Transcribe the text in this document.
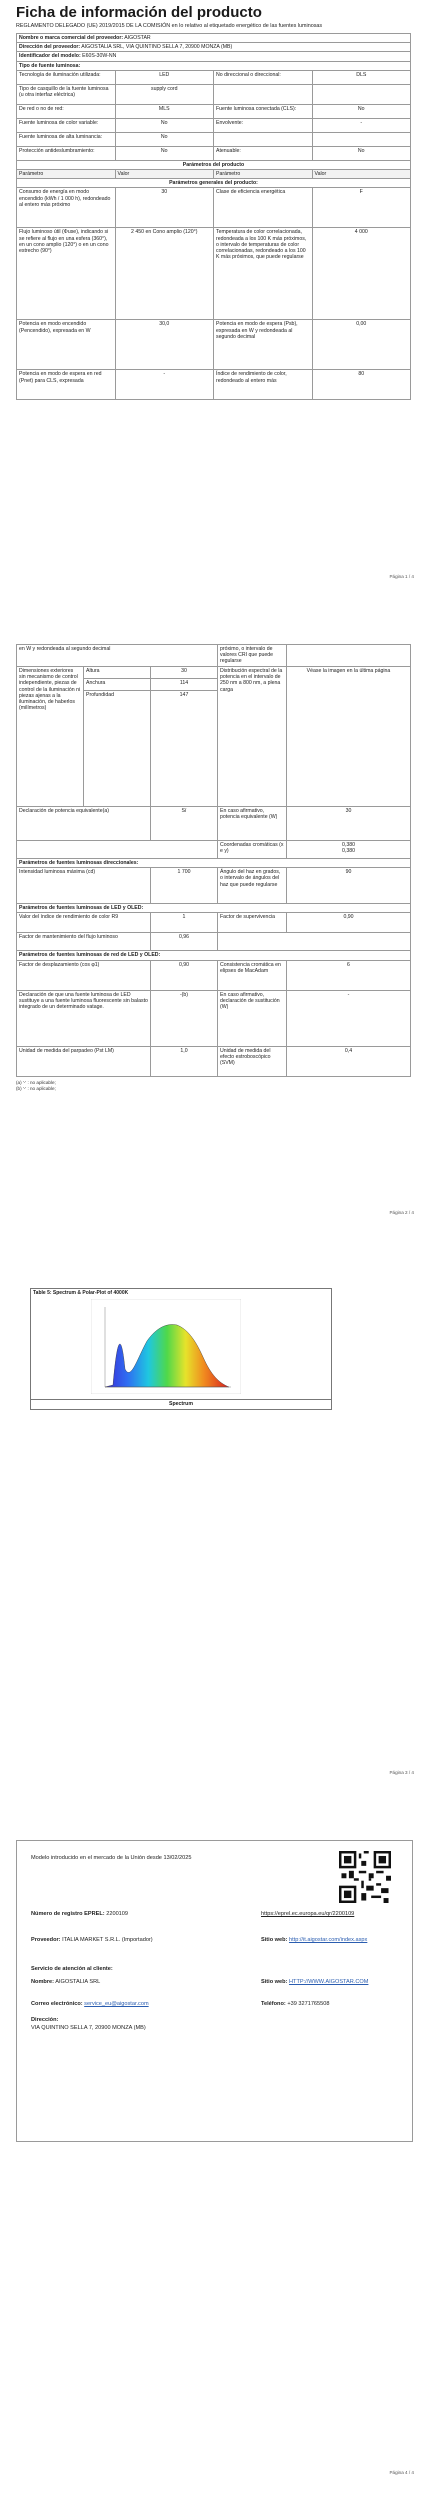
Ficha de información del producto
REGLAMENTO DELEGADO (UE) 2019/2015 DE LA COMISIÓN en lo relativo al etiquetado energético de las fuentes luminosas
Nombre o marca comercial del proveedor: AIGOSTAR			
Dirección del proveedor: AIGOSTALIA SRL, VIA QUINTINO SELLA 7, 20900 MONZA (MB)			
Identificador del modelo: E60S-30W-NN			
Tipo de fuente luminosa:			
Tecnología de iluminación utilizada:	LED	No direccional o direccional:	DLS
Tipo de casquillo de la fuente luminosa (u otra interfaz eléctrica)	supply cord		
De red o no de red:	MLS	Fuente luminosa conectada (CLS):	No
Fuente luminosa de color variable:	No	Envolvente:	-
Fuente luminosa de alta luminancia:	No		
Protección antideslumbramiento:	No	Atenuable:	No
Parámetros del producto			
Parámetro	Valor	Parámetro	Valor
Parámetros generales del producto:			
Consumo de energía en modo encendido (kWh / 1 000 h), redondeado al entero más próximo	30	Clase de eficiencia energética	F
Flujo luminoso útil (Φuse), indicando si se refiere al flujo en una esfera (360°), en un cono amplio (120°) o en un cono estrecho (90°)	2 450 en Cono amplio (120°)	Temperatura de color correlacionada, redondeada a los 100 K más próximos, o intervalo de temperaturas de color correlacionadas, redondeado a los 100 K más próximos, que puede regularse	4 000
Potencia en modo encendido (Pencendido), expresada en W	30,0	Potencia en modo de espera (Psb), expresada en W y redondeada al segundo decimal	0,00
Potencia en modo de espera en red (Pnet) para CLS, expresada	-	Índice de rendimiento de color, redondeado al entero más	80
Página 1 / 4
en W y redondeada al segundo decimal			próximo, o intervalo de valores CRI que puede regularse	
Dimensiones exteriores sin mecanismo de control independiente, piezas de control de la iluminación ni piezas ajenas a la iluminación, de haberlos (milímetros)	Altura	30	Distribución espectral de la potencia en el intervalo de 250 nm a 800 nm, a plena carga	Véase la imagen en la última página
	Anchura	114		
	Profundidad	147		
Declaración de potencia equivalente(a)		Sí	En caso afirmativo, potencia equivalente (W)	30
			Coordenadas cromáticas (x e y)	0,380
0,380
Parámetros de fuentes luminosas direccionales:				
Intensidad luminosa máxima (cd)		1 700	Ángulo del haz en grados, o intervalo de ángulos del haz que puede regularse	90
Parámetros de fuentes luminosas de LED y OLED:				
Valor del índice de rendimiento de color R9		1	Factor de supervivencia	0,90
Factor de mantenimiento del flujo luminoso		0,96		
Parámetros de fuentes luminosas de red de LED y OLED:				
Factor de desplazamiento (cos φ1)		0,90	Consistencia cromática en elipses de MacAdam	6
Declaración de que una fuente luminosa de LED sustituye a una fuente luminosa fluorescente sin balasto integrado de un determinado vatage.		-(b)	En caso afirmativo, declaración de sustitución (W)	-
Unidad de medida del parpadeo (Pst LM)		1,0	Unidad de medida del efecto estroboscópico (SVM)	0,4
(a) '-' : no aplicable;
(b) '-' : no aplicable;
Página 2 / 4
Página 3 / 4
Table 5: Spectrum & Polar-Plot of 4000K
Spectrum
Página 4 / 4
Modelo introducido en el mercado de la Unión desde 13/02/2025
Número de registro EPREL: 2200109	https://eprel.ec.europa.eu/qr/2200109
Proveedor: ITALIA MARKET S.R.L. (Importador)	Sitio web: http://it.aigostar.com/index.aspx
Servicio de atención al cliente:
Nombre: AIGOSTALIA SRL	Sitio web: HTTP://WWW.AIGOSTAR.COM
Correo electrónico: service_eu@aigostar.com	Teléfono: +39 3271765508
Dirección:
VIA QUINTINO SELLA 7, 20900 MONZA (MB)
